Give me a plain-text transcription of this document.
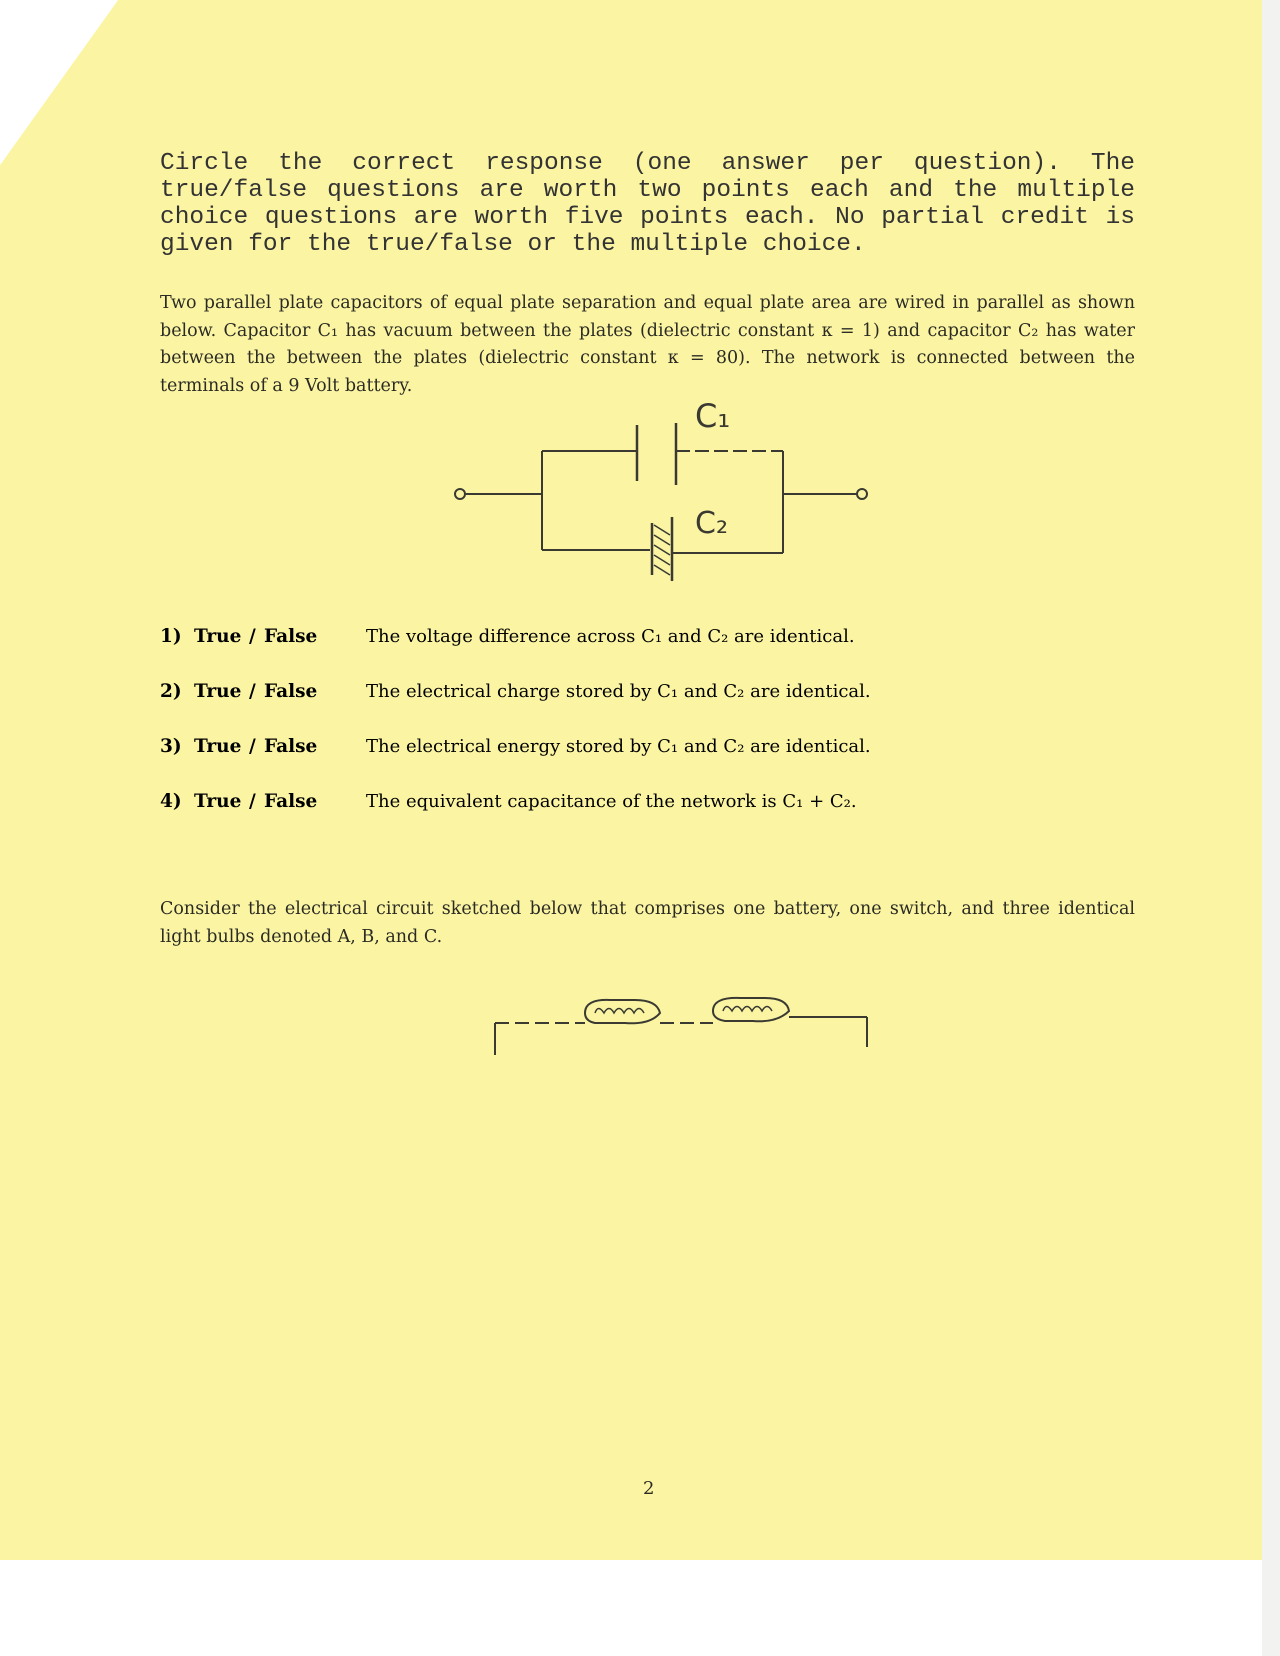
Circle the correct response (one answer per question). The true/false questions are worth two points each and the multiple choice questions are worth five points each. No partial credit is given for the true/false or the multiple choice.

Two parallel plate capacitors of equal plate separation and equal plate area are wired in parallel as shown below. Capacitor C₁ has vacuum between the plates (dielectric constant κ = 1) and capacitor C₂ has water between the between the plates (dielectric constant κ = 80). The network is connected between the terminals of a 9 Volt battery.

C₁
C₂
1) True / False	The voltage difference across C₁ and C₂ are identical.
2) True / False	The electrical charge stored by C₁ and C₂ are identical.
3) True / False	The electrical energy stored by C₁ and C₂ are identical.
4) True / False	The equivalent capacitance of the network is C₁ + C₂.

Consider the electrical circuit sketched below that comprises one battery, one switch, and three identical light bulbs denoted A, B, and C.

2
